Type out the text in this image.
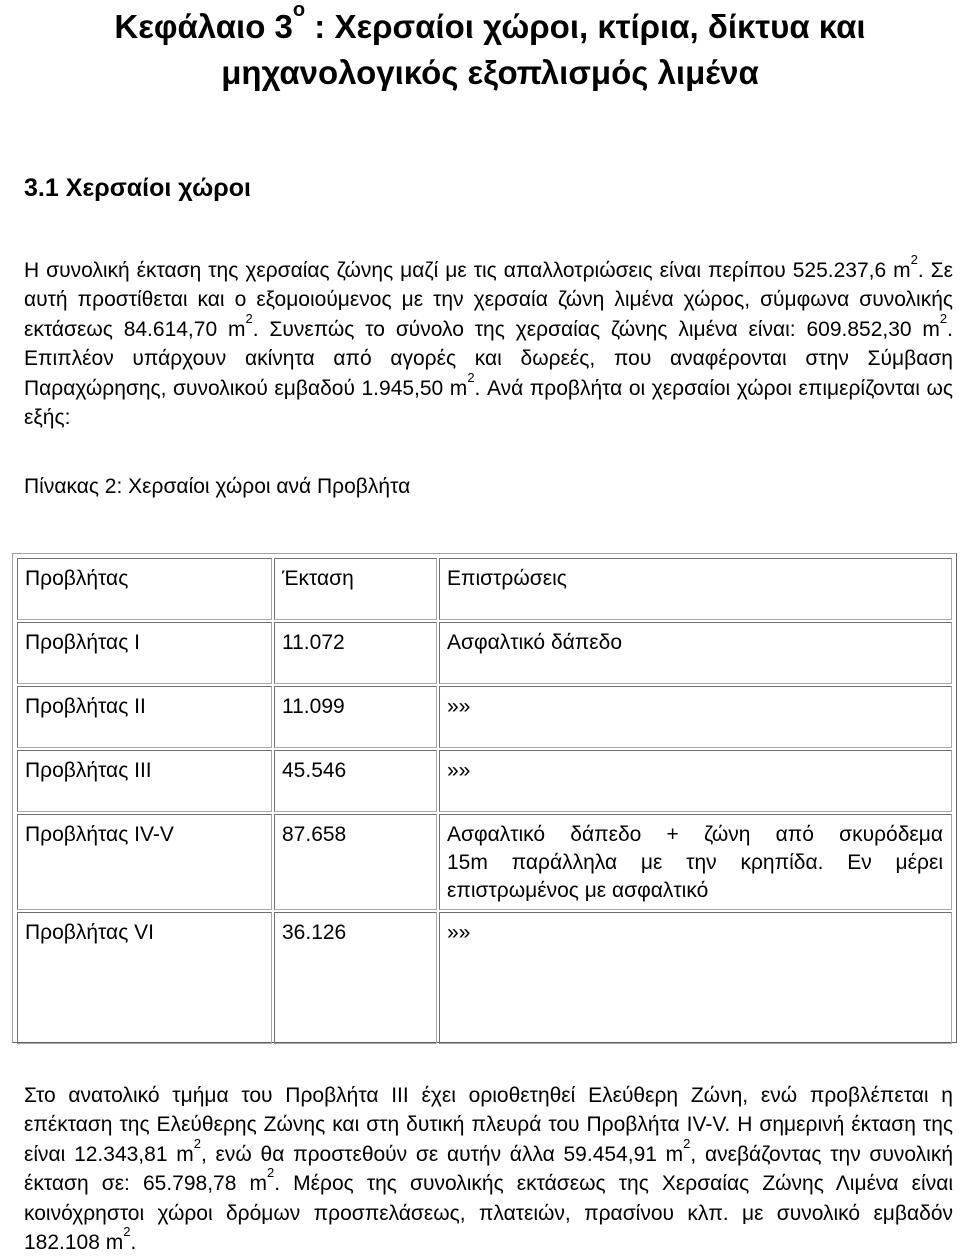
Κεφάλαιο $3^o$ : Χερσαίοι χώροι, κτίρια, δίκτυα και
μηχανολογικός εξοπλισμός λιμένα
3.1 Χερσαίοι χώροι

Η συνολική έκταση της χερσαίας ζώνης μαζί με τις απαλλοτριώσεις είναι περίπου 525.237,6 $m^2$. Σε αυτή προστίθεται και ο εξομοιούμενος με την χερσαία ζώνη λιμένα χώρος, σύμφωνα συνολικής εκτάσεως 84.614,70 $m^2$. Συνεπώς το σύνολο της χερσαίας ζώνης λιμένα είναι: 609.852,30 $m^2$. Επιπλέον υπάρχουν ακίνητα από αγορές και δωρεές, που αναφέρονται στην Σύμβαση Παραχώρησης, συνολικού εμβαδού 1.945,50 $m^2$. Ανά προβλήτα οι χερσαίοι χώροι επιμερίζονται ως εξής:

Πίνακας 2: Χερσαίοι χώροι ανά Προβλήτα

Προβλήτας	Έκταση	Επιστρώσεις
Προβλήτας Ι	11.072	Ασφαλτικό δάπεδο
Προβλήτας ΙΙ	11.099	»»
Προβλήτας ΙΙΙ	45.546	»»
Προβλήτας ΙV-V	87.658	Ασφαλτικό δάπεδο + ζώνη από σκυρόδεμα
15m παράλληλα με την κρηπίδα. Εν μέρει
επιστρωμένος με ασφαλτικό

Προβλήτας VΙ	36.126	»»

Στο ανατολικό τμήμα του Προβλήτα ΙΙΙ έχει οριοθετηθεί Ελεύθερη Ζώνη, ενώ προβλέπεται η επέκταση της Ελεύθερης Ζώνης και στη δυτική πλευρά του Προβλήτα ΙV-V. Η σημερινή έκταση της είναι 12.343,81 $m^2$, ενώ θα προστεθούν σε αυτήν άλλα 59.454,91 $m^2$, ανεβάζοντας την συνολική έκταση σε: 65.798,78 $m^2$. Μέρος της συνολικής εκτάσεως της Χερσαίας Ζώνης Λιμένα είναι κοινόχρηστοι χώροι δρόμων προσπελάσεως, πλατειών, πρασίνου κλπ. με συνολικό εμβαδόν 182.108 $m^2$.
